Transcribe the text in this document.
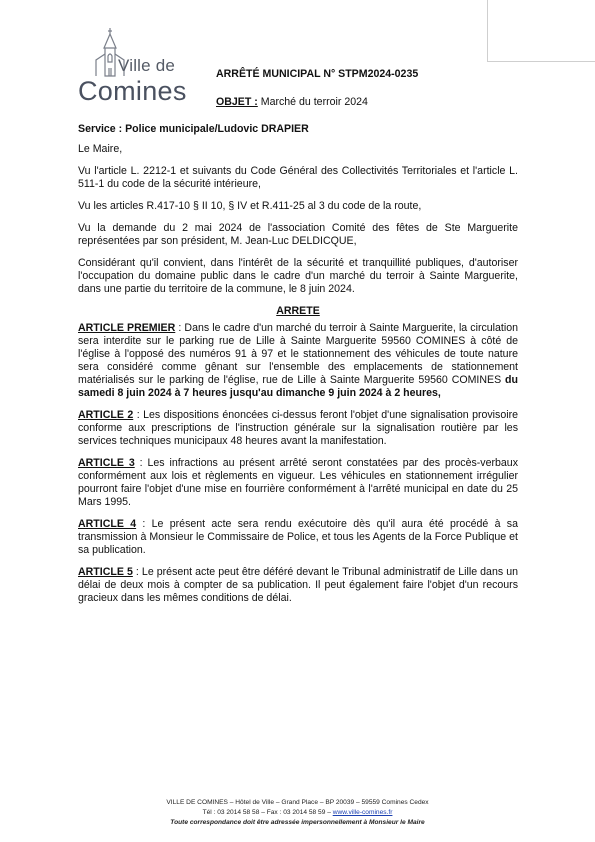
Ville de
Comines
ARRÊTÉ MUNICIPAL N° STPM2024-0235
OBJET : Marché du terroir 2024

Service : Police municipale/Ludovic DRAPIER

Le Maire,

Vu l'article L. 2212-1 et suivants du Code Général des Collectivités Territoriales et l'article L. 511-1 du code de la sécurité intérieure,

Vu les articles R.417-10 § II 10, § IV et R.411-25 al 3 du code de la route,

Vu la demande du 2 mai 2024 de l'association Comité des fêtes de Ste Marguerite représentées par son président, M. Jean-Luc DELDICQUE,

Considérant qu'il convient, dans l'intérêt de la sécurité et tranquillité publiques, d'autoriser l'occupation du domaine public dans le cadre d'un marché du terroir à Sainte Marguerite, dans une partie du territoire de la commune, le 8 juin 2024.

ARRETE

ARTICLE PREMIER : Dans le cadre d'un marché du terroir à Sainte Marguerite, la circulation sera interdite sur le parking rue de Lille à Sainte Marguerite 59560 COMINES à côté de l'église à l'opposé des numéros 91 à 97 et le stationnement des véhicules de toute nature sera considéré comme gênant sur l'ensemble des emplacements de stationnement matérialisés sur le parking de l'église, rue de Lille à Sainte Marguerite 59560 COMINES du samedi 8 juin 2024 à 7 heures jusqu'au dimanche 9 juin 2024 à 2 heures,

ARTICLE 2 : Les dispositions énoncées ci-dessus feront l'objet d'une signalisation provisoire conforme aux prescriptions de l'instruction générale sur la signalisation routière par les services techniques municipaux 48 heures avant la manifestation.

ARTICLE 3 : Les infractions au présent arrêté seront constatées par des procès-verbaux conformément aux lois et règlements en vigueur. Les véhicules en stationnement irrégulier pourront faire l'objet d'une mise en fourrière conformément à l'arrêté municipal en date du 25 Mars 1995.

ARTICLE 4 : Le présent acte sera rendu exécutoire dès qu'il aura été procédé à sa transmission à Monsieur le Commissaire de Police, et tous les Agents de la Force Publique et sa publication.

ARTICLE 5 : Le présent acte peut être déféré devant le Tribunal administratif de Lille dans un délai de deux mois à compter de sa publication. Il peut également faire l'objet d'un recours gracieux dans les mêmes conditions de délai.

VILLE DE COMINES – Hôtel de Ville – Grand Place – BP 20039 – 59559 Comines Cedex
Tél : 03 2014 58 58 – Fax : 03 2014 58 59 – www.ville-comines.fr
Toute correspondance doit être adressée impersonnellement à Monsieur le Maire
